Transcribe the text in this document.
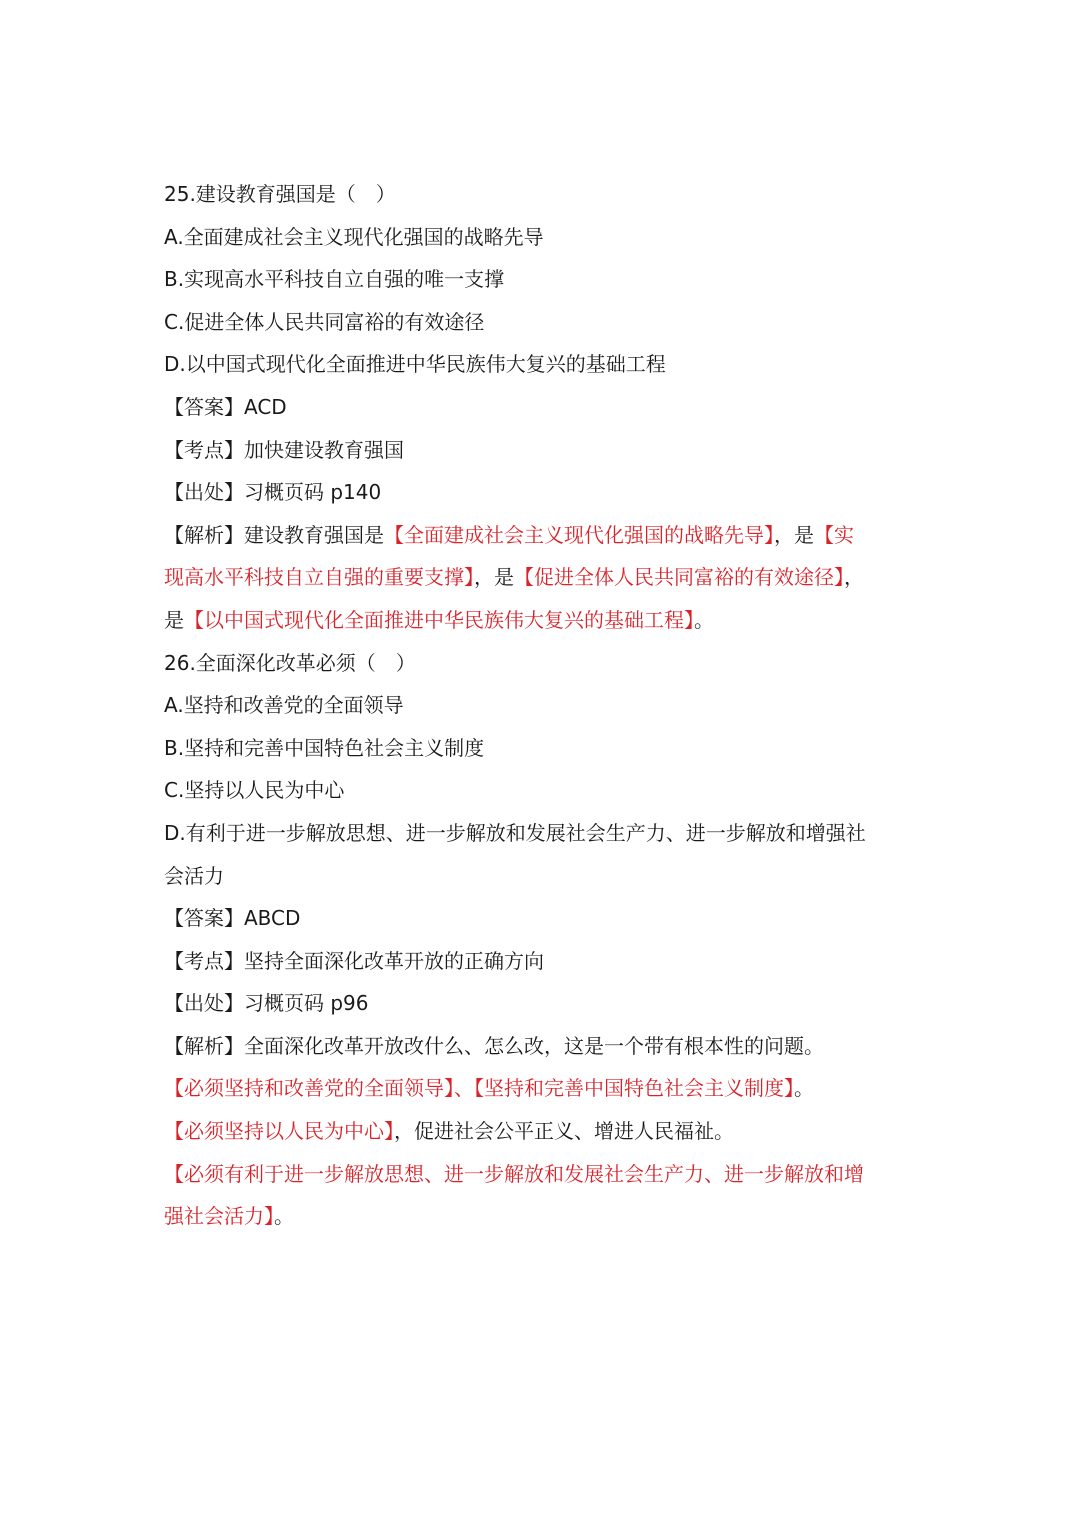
25.建设教育强国是（　）
A.全面建成社会主义现代化强国的战略先导
B.实现高水平科技自立自强的唯一支撑
C.促进全体人民共同富裕的有效途径
D.以中国式现代化全面推进中华民族伟大复兴的基础工程
【答案】ACD
【考点】加快建设教育强国
【出处】习概页码 p140
【解析】建设教育强国是【全面建成社会主义现代化强国的战略先导】，是【实
现高水平科技自立自强的重要支撑】，是【促进全体人民共同富裕的有效途径】，
是【以中国式现代化全面推进中华民族伟大复兴的基础工程】。
26.全面深化改革必须（　）
A.坚持和改善党的全面领导
B.坚持和完善中国特色社会主义制度
C.坚持以人民为中心
D.有利于进一步解放思想、进一步解放和发展社会生产力、进一步解放和增强社
会活力
【答案】ABCD
【考点】坚持全面深化改革开放的正确方向
【出处】习概页码 p96
【解析】全面深化改革开放改什么、怎么改，这是一个带有根本性的问题。
【必须坚持和改善党的全面领导】、【坚持和完善中国特色社会主义制度】。
【必须坚持以人民为中心】，促进社会公平正义、增进人民福祉。
【必须有利于进一步解放思想、进一步解放和发展社会生产力、进一步解放和增
强社会活力】。
